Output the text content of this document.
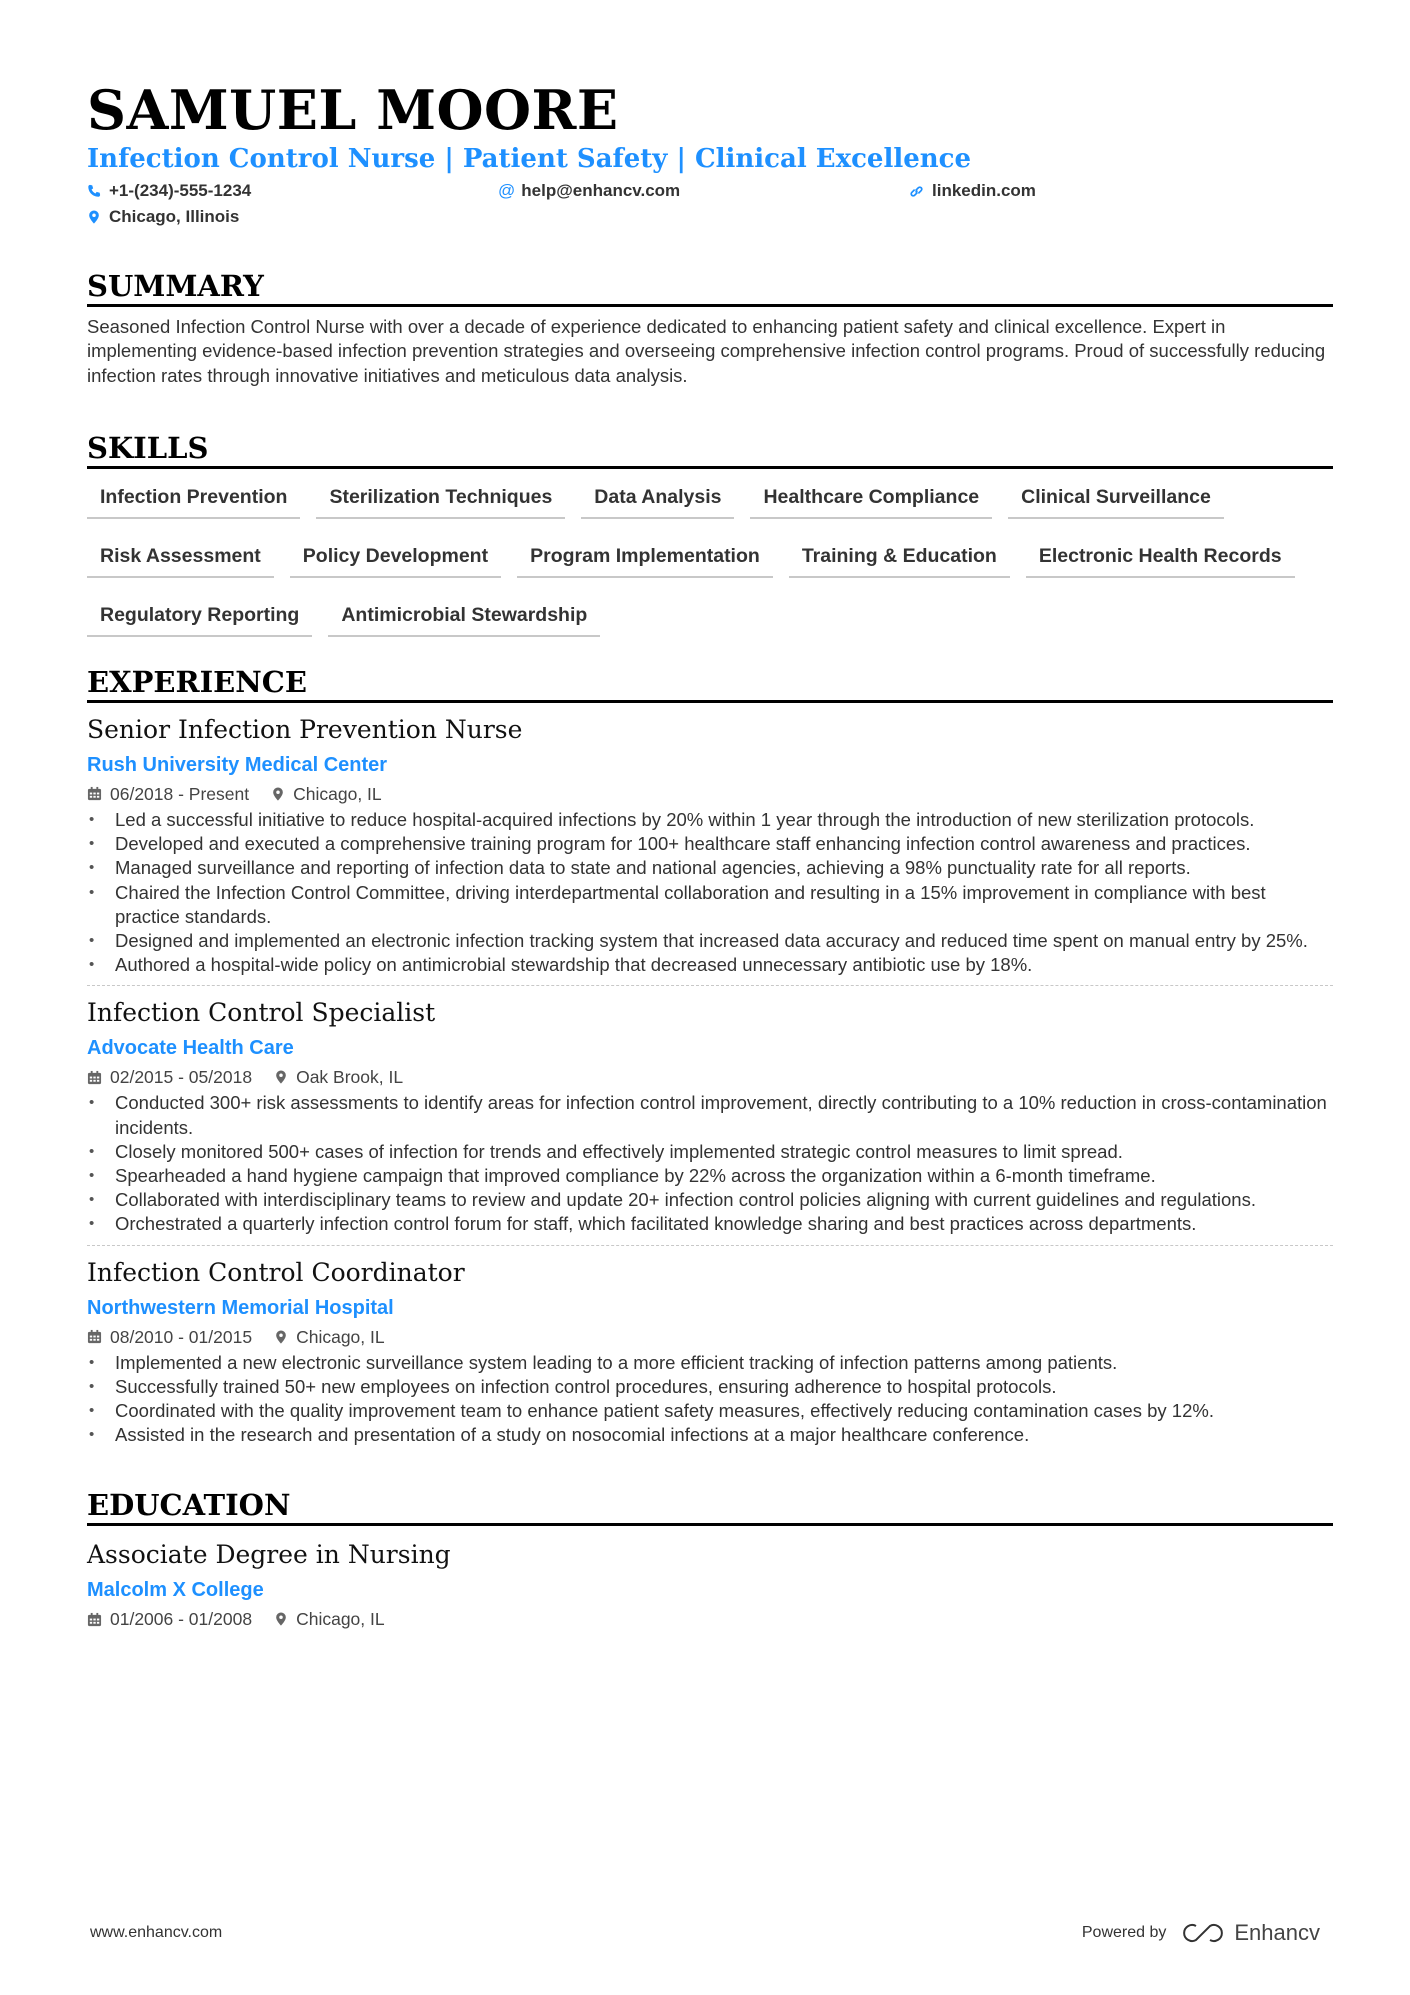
SAMUEL MOORE
Infection Control Nurse | Patient Safety | Clinical Excellence
+1-(234)-555-1234	@ help@enhancv.com	linkedin.com
Chicago, Illinois
SUMMARY

Seasoned Infection Control Nurse with over a decade of experience dedicated to enhancing patient safety and clinical excellence. Expert in implementing evidence-based infection prevention strategies and overseeing comprehensive infection control programs. Proud of successfully reducing infection rates through innovative initiatives and meticulous data analysis.

SKILLS
Infection Prevention	Sterilization Techniques	Data Analysis	Healthcare Compliance	Clinical Surveillance
Risk Assessment	Policy Development	Program Implementation	Training & Education	Electronic Health Records
Regulatory Reporting	Antimicrobial Stewardship
EXPERIENCE
Senior Infection Prevention Nurse
Rush University Medical Center
06/2018 - Present	Chicago, IL
• Led a successful initiative to reduce hospital-acquired infections by 20% within 1 year through the introduction of new sterilization protocols.
• Developed and executed a comprehensive training program for 100+ healthcare staff enhancing infection control awareness and practices.
• Managed surveillance and reporting of infection data to state and national agencies, achieving a 98% punctuality rate for all reports.
• Chaired the Infection Control Committee, driving interdepartmental collaboration and resulting in a 15% improvement in compliance with best practice standards.
• Designed and implemented an electronic infection tracking system that increased data accuracy and reduced time spent on manual entry by 25%.
• Authored a hospital-wide policy on antimicrobial stewardship that decreased unnecessary antibiotic use by 18%.
Infection Control Specialist
Advocate Health Care
02/2015 - 05/2018	Oak Brook, IL
• Conducted 300+ risk assessments to identify areas for infection control improvement, directly contributing to a 10% reduction in cross-contamination incidents.
• Closely monitored 500+ cases of infection for trends and effectively implemented strategic control measures to limit spread.
• Spearheaded a hand hygiene campaign that improved compliance by 22% across the organization within a 6-month timeframe.
• Collaborated with interdisciplinary teams to review and update 20+ infection control policies aligning with current guidelines and regulations.
• Orchestrated a quarterly infection control forum for staff, which facilitated knowledge sharing and best practices across departments.
Infection Control Coordinator
Northwestern Memorial Hospital
08/2010 - 01/2015	Chicago, IL
• Implemented a new electronic surveillance system leading to a more efficient tracking of infection patterns among patients.
• Successfully trained 50+ new employees on infection control procedures, ensuring adherence to hospital protocols.
• Coordinated with the quality improvement team to enhance patient safety measures, effectively reducing contamination cases by 12%.
• Assisted in the research and presentation of a study on nosocomial infections at a major healthcare conference.
EDUCATION
Associate Degree in Nursing
Malcolm X College
01/2006 - 01/2008	Chicago, IL
www.enhancv.com	Powered by	Enhancv
